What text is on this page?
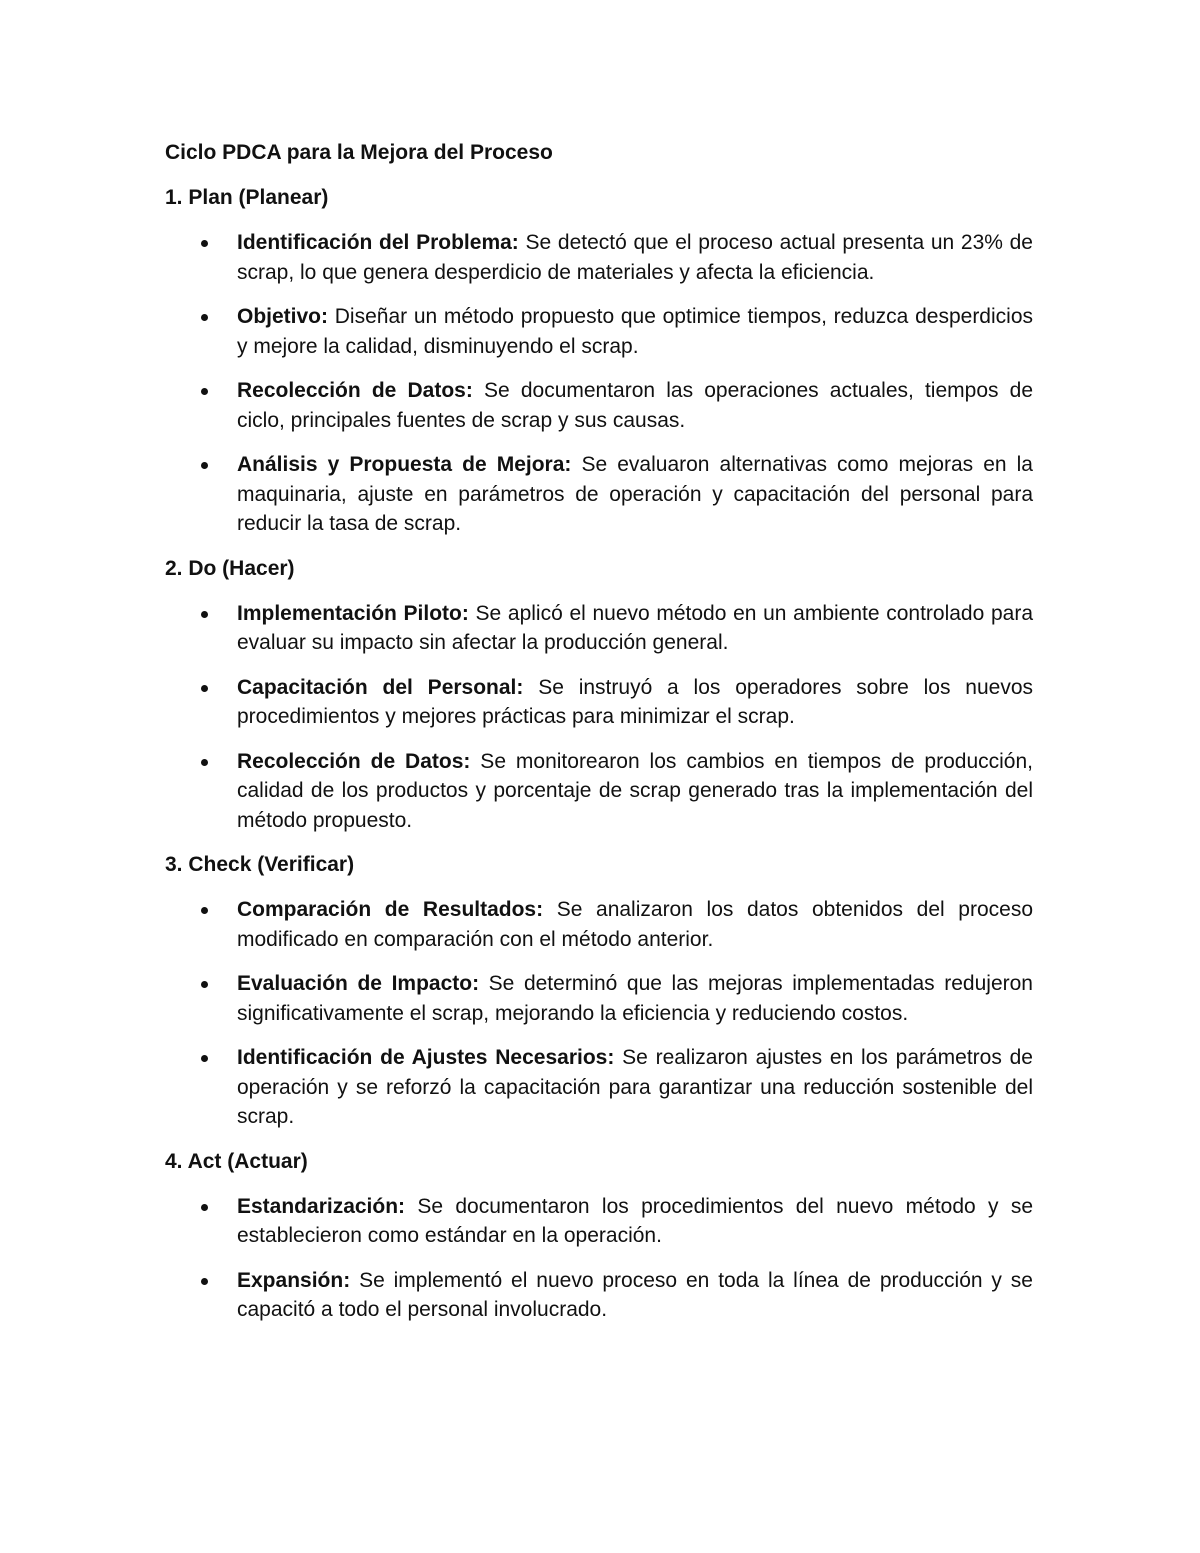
Ciclo PDCA para la Mejora del Proceso
1. Plan (Planear)
Identificación del Problema: Se detectó que el proceso actual presenta un 23% de scrap, lo que genera desperdicio de materiales y afecta la eficiencia.
Objetivo: Diseñar un método propuesto que optimice tiempos, reduzca desperdicios y mejore la calidad, disminuyendo el scrap.
Recolección de Datos: Se documentaron las operaciones actuales, tiempos de ciclo, principales fuentes de scrap y sus causas.
Análisis y Propuesta de Mejora: Se evaluaron alternativas como mejoras en la maquinaria, ajuste en parámetros de operación y capacitación del personal para reducir la tasa de scrap.
2. Do (Hacer)
Implementación Piloto: Se aplicó el nuevo método en un ambiente controlado para evaluar su impacto sin afectar la producción general.
Capacitación del Personal: Se instruyó a los operadores sobre los nuevos procedimientos y mejores prácticas para minimizar el scrap.
Recolección de Datos: Se monitorearon los cambios en tiempos de producción, calidad de los productos y porcentaje de scrap generado tras la implementación del método propuesto.
3. Check (Verificar)
Comparación de Resultados: Se analizaron los datos obtenidos del proceso modificado en comparación con el método anterior.
Evaluación de Impacto: Se determinó que las mejoras implementadas redujeron significativamente el scrap, mejorando la eficiencia y reduciendo costos.
Identificación de Ajustes Necesarios: Se realizaron ajustes en los parámetros de operación y se reforzó la capacitación para garantizar una reducción sostenible del scrap.
4. Act (Actuar)
Estandarización: Se documentaron los procedimientos del nuevo método y se establecieron como estándar en la operación.
Expansión: Se implementó el nuevo proceso en toda la línea de producción y se capacitó a todo el personal involucrado.
